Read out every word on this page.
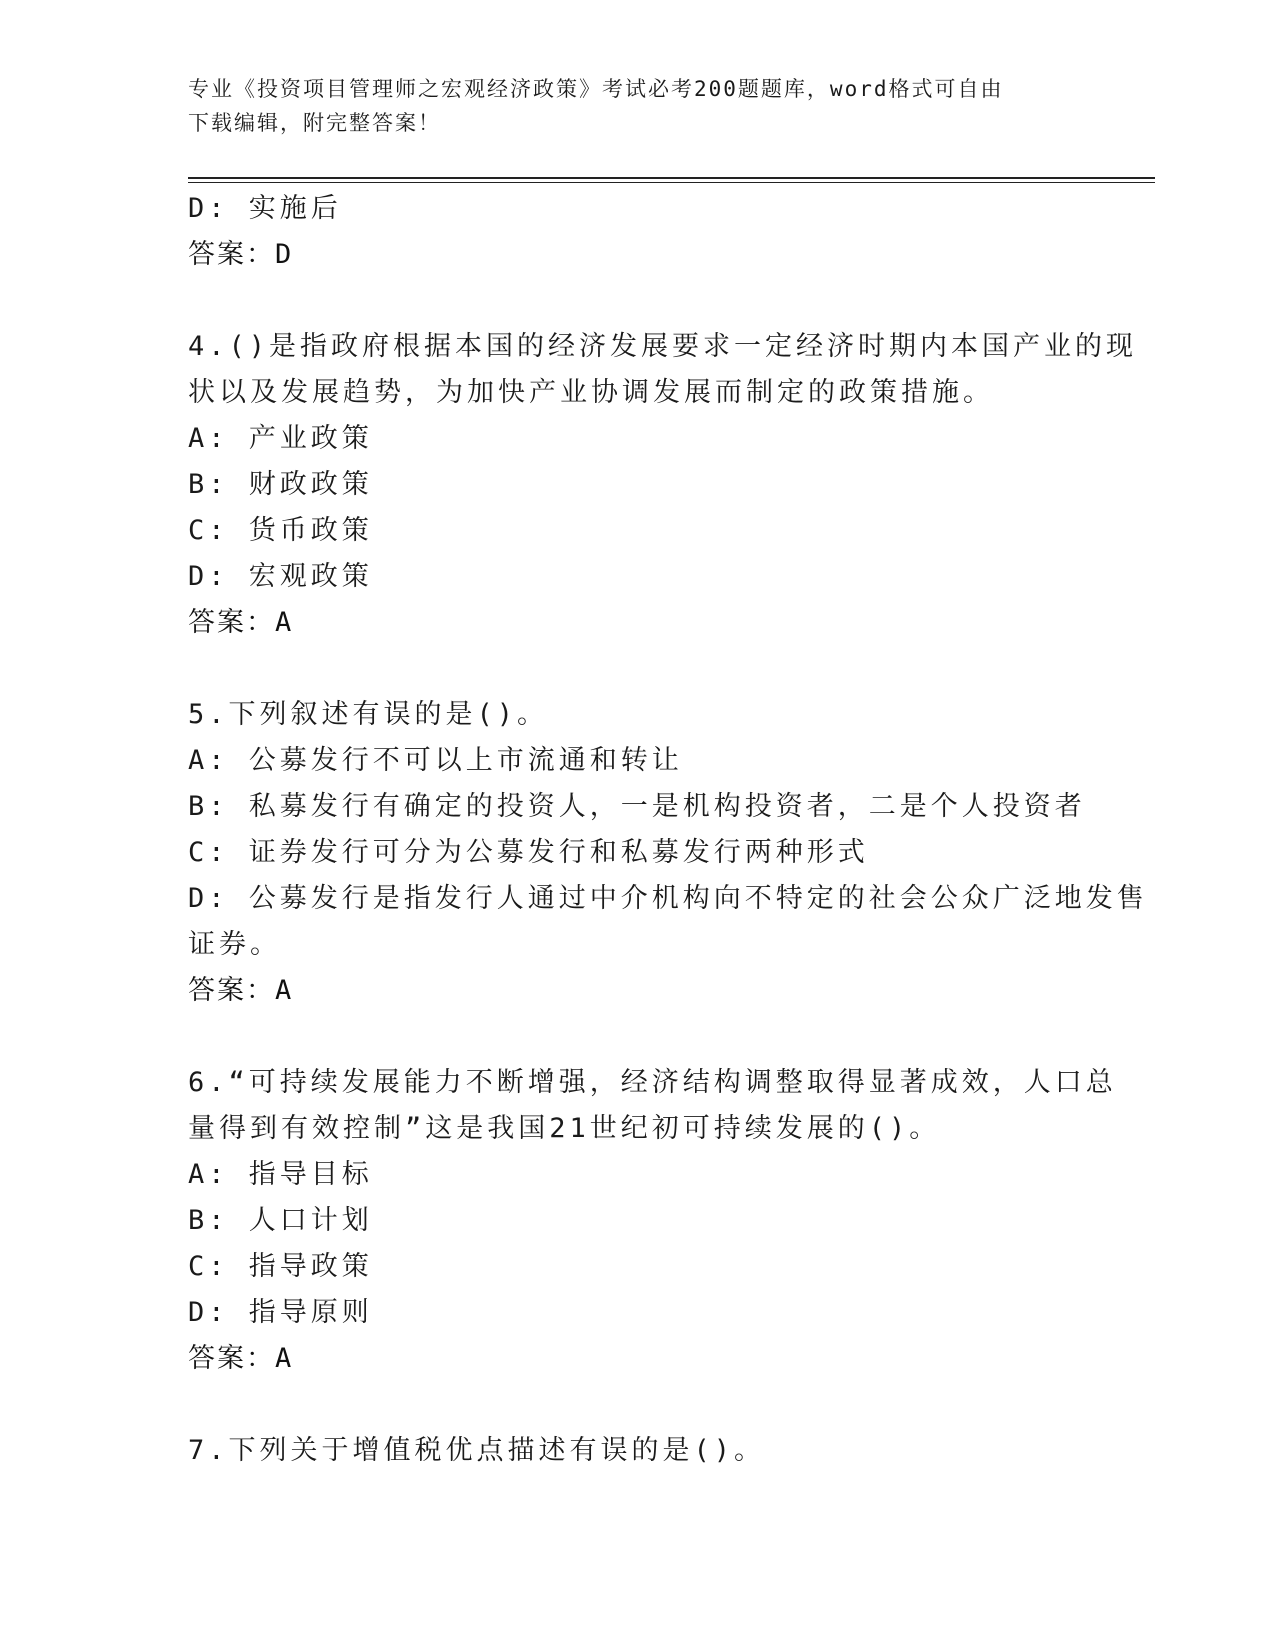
专业《投资项目管理师之宏观经济政策》考试必考200题题库，word格式可自由
下载编辑，附完整答案！
D: 实施后
答案：D
4.()是指政府根据本国的经济发展要求一定经济时期内本国产业的现
状以及发展趋势，为加快产业协调发展而制定的政策措施。
A: 产业政策
B: 财政政策
C: 货币政策
D: 宏观政策
答案：A
5.下列叙述有误的是()。
A: 公募发行不可以上市流通和转让
B: 私募发行有确定的投资人，一是机构投资者，二是个人投资者
C: 证券发行可分为公募发行和私募发行两种形式
D: 公募发行是指发行人通过中介机构向不特定的社会公众广泛地发售
证券。
答案：A
6.“可持续发展能力不断增强，经济结构调整取得显著成效，人口总
量得到有效控制”这是我国21世纪初可持续发展的()。
A: 指导目标
B: 人口计划
C: 指导政策
D: 指导原则
答案：A
7.下列关于增值税优点描述有误的是()。
